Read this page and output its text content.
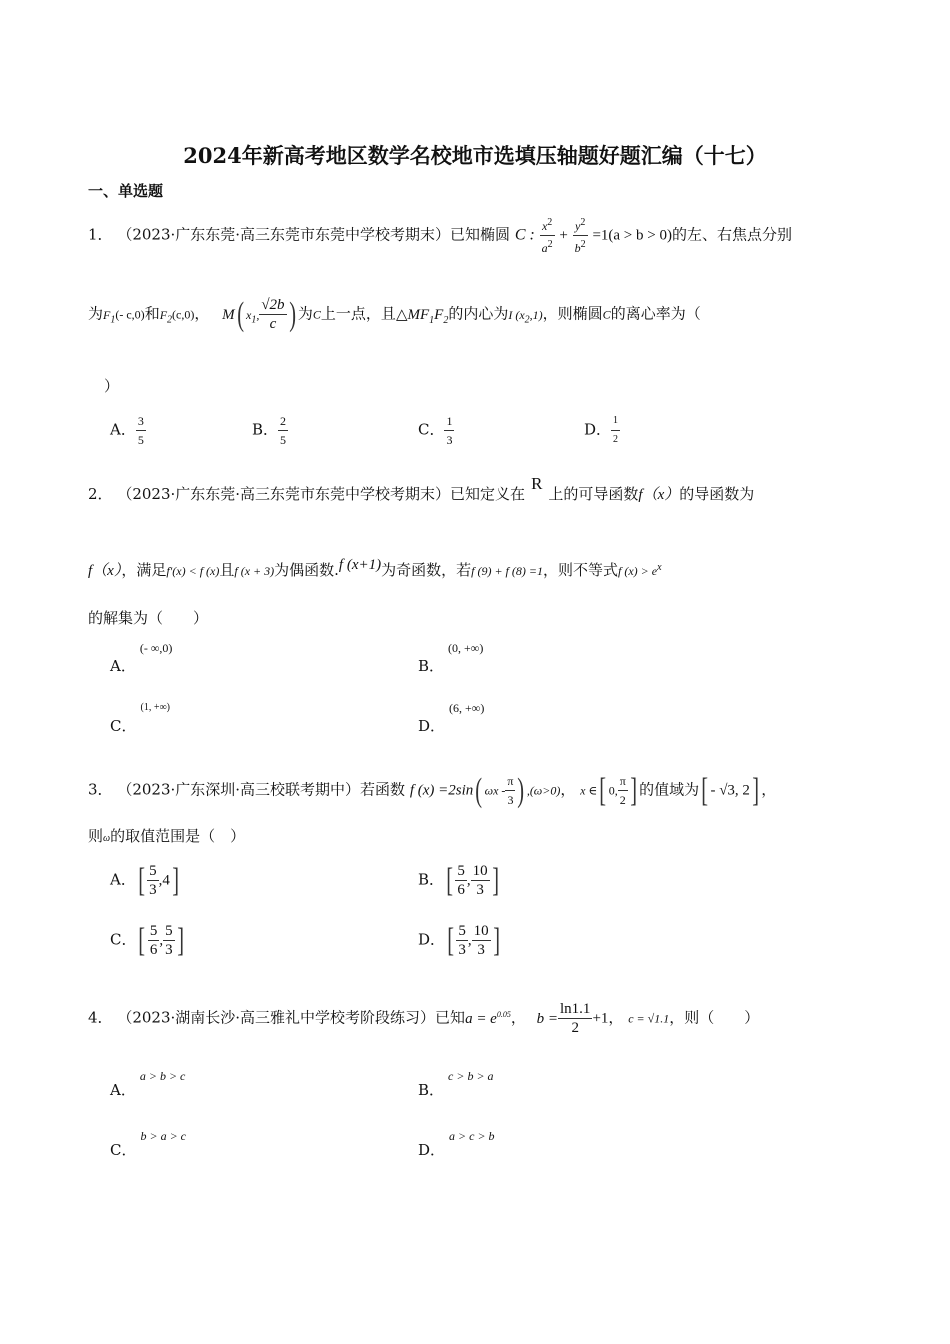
2024年新高考地区数学名校地市选填压轴题好题汇编（十七）
一、单选题
1． （2023·广东东莞·高三东莞市东莞中学校考期末）已知椭圆 C : $\frac{x^2}{a^2} + \frac{y^2}{b^2} =1(a > b > 0)$的左、右焦点分别
为$F_1(-$ c,0)和$F_2(c,0)$， M( $x_1$, $\frac{√2b}{c}$ ) 为C上一点，且$\triangle MF_1F_2$的内心为I $(x_2,1)$，则椭圆C的离心率为（
）
A． $\frac{3}{5}$	B． $\frac{2}{5}$	C． $\frac{1}{3}$	D． $\frac{1}{2}$
2． （2023·广东东莞·高三东莞市东莞中学校考期末）已知定义在R上的可导函数f（x）的导函数为
f（x），满足f′(x) < f (x)且f (x + 3)为偶函数.f (x+1)为奇函数，若f (9) + f (8) =1，则不等式f $(x) > e^x$
的解集为（　　）
A．(- ∞,0)
B．(0, +∞)
C．(1, +∞)
D．(6, +∞)
3． （2023·广东深圳·高三校联考期中）若函数 f (x) =2sin( ωx - $\frac{\pi}{3}$ ) ,(ω>0)， x ∈[ 0, $\frac{\pi}{2}$ ] 的值域为[ - √3, 2] ，
则ω的取值范围是（　）
A．[ $\frac{5}{3} ,4$]	B．[ $\frac{5}{6}$ , $\frac{10}{3}$ ]
C．[ $\frac{5}{6}$ , $\frac{5}{3}$ ]	D．[ $\frac{5}{3}$ , $\frac{10}{3}$ ]
4． （2023·湖南长沙·高三雅礼中学校考阶段练习）已知$a = e^{0.05}$， $b = \frac{\ln 1.1}{2} +1$， c = √1.1，则（　　）
A．a > b > c
B．c > b > a
C．b > a > c
D．a > c > b
